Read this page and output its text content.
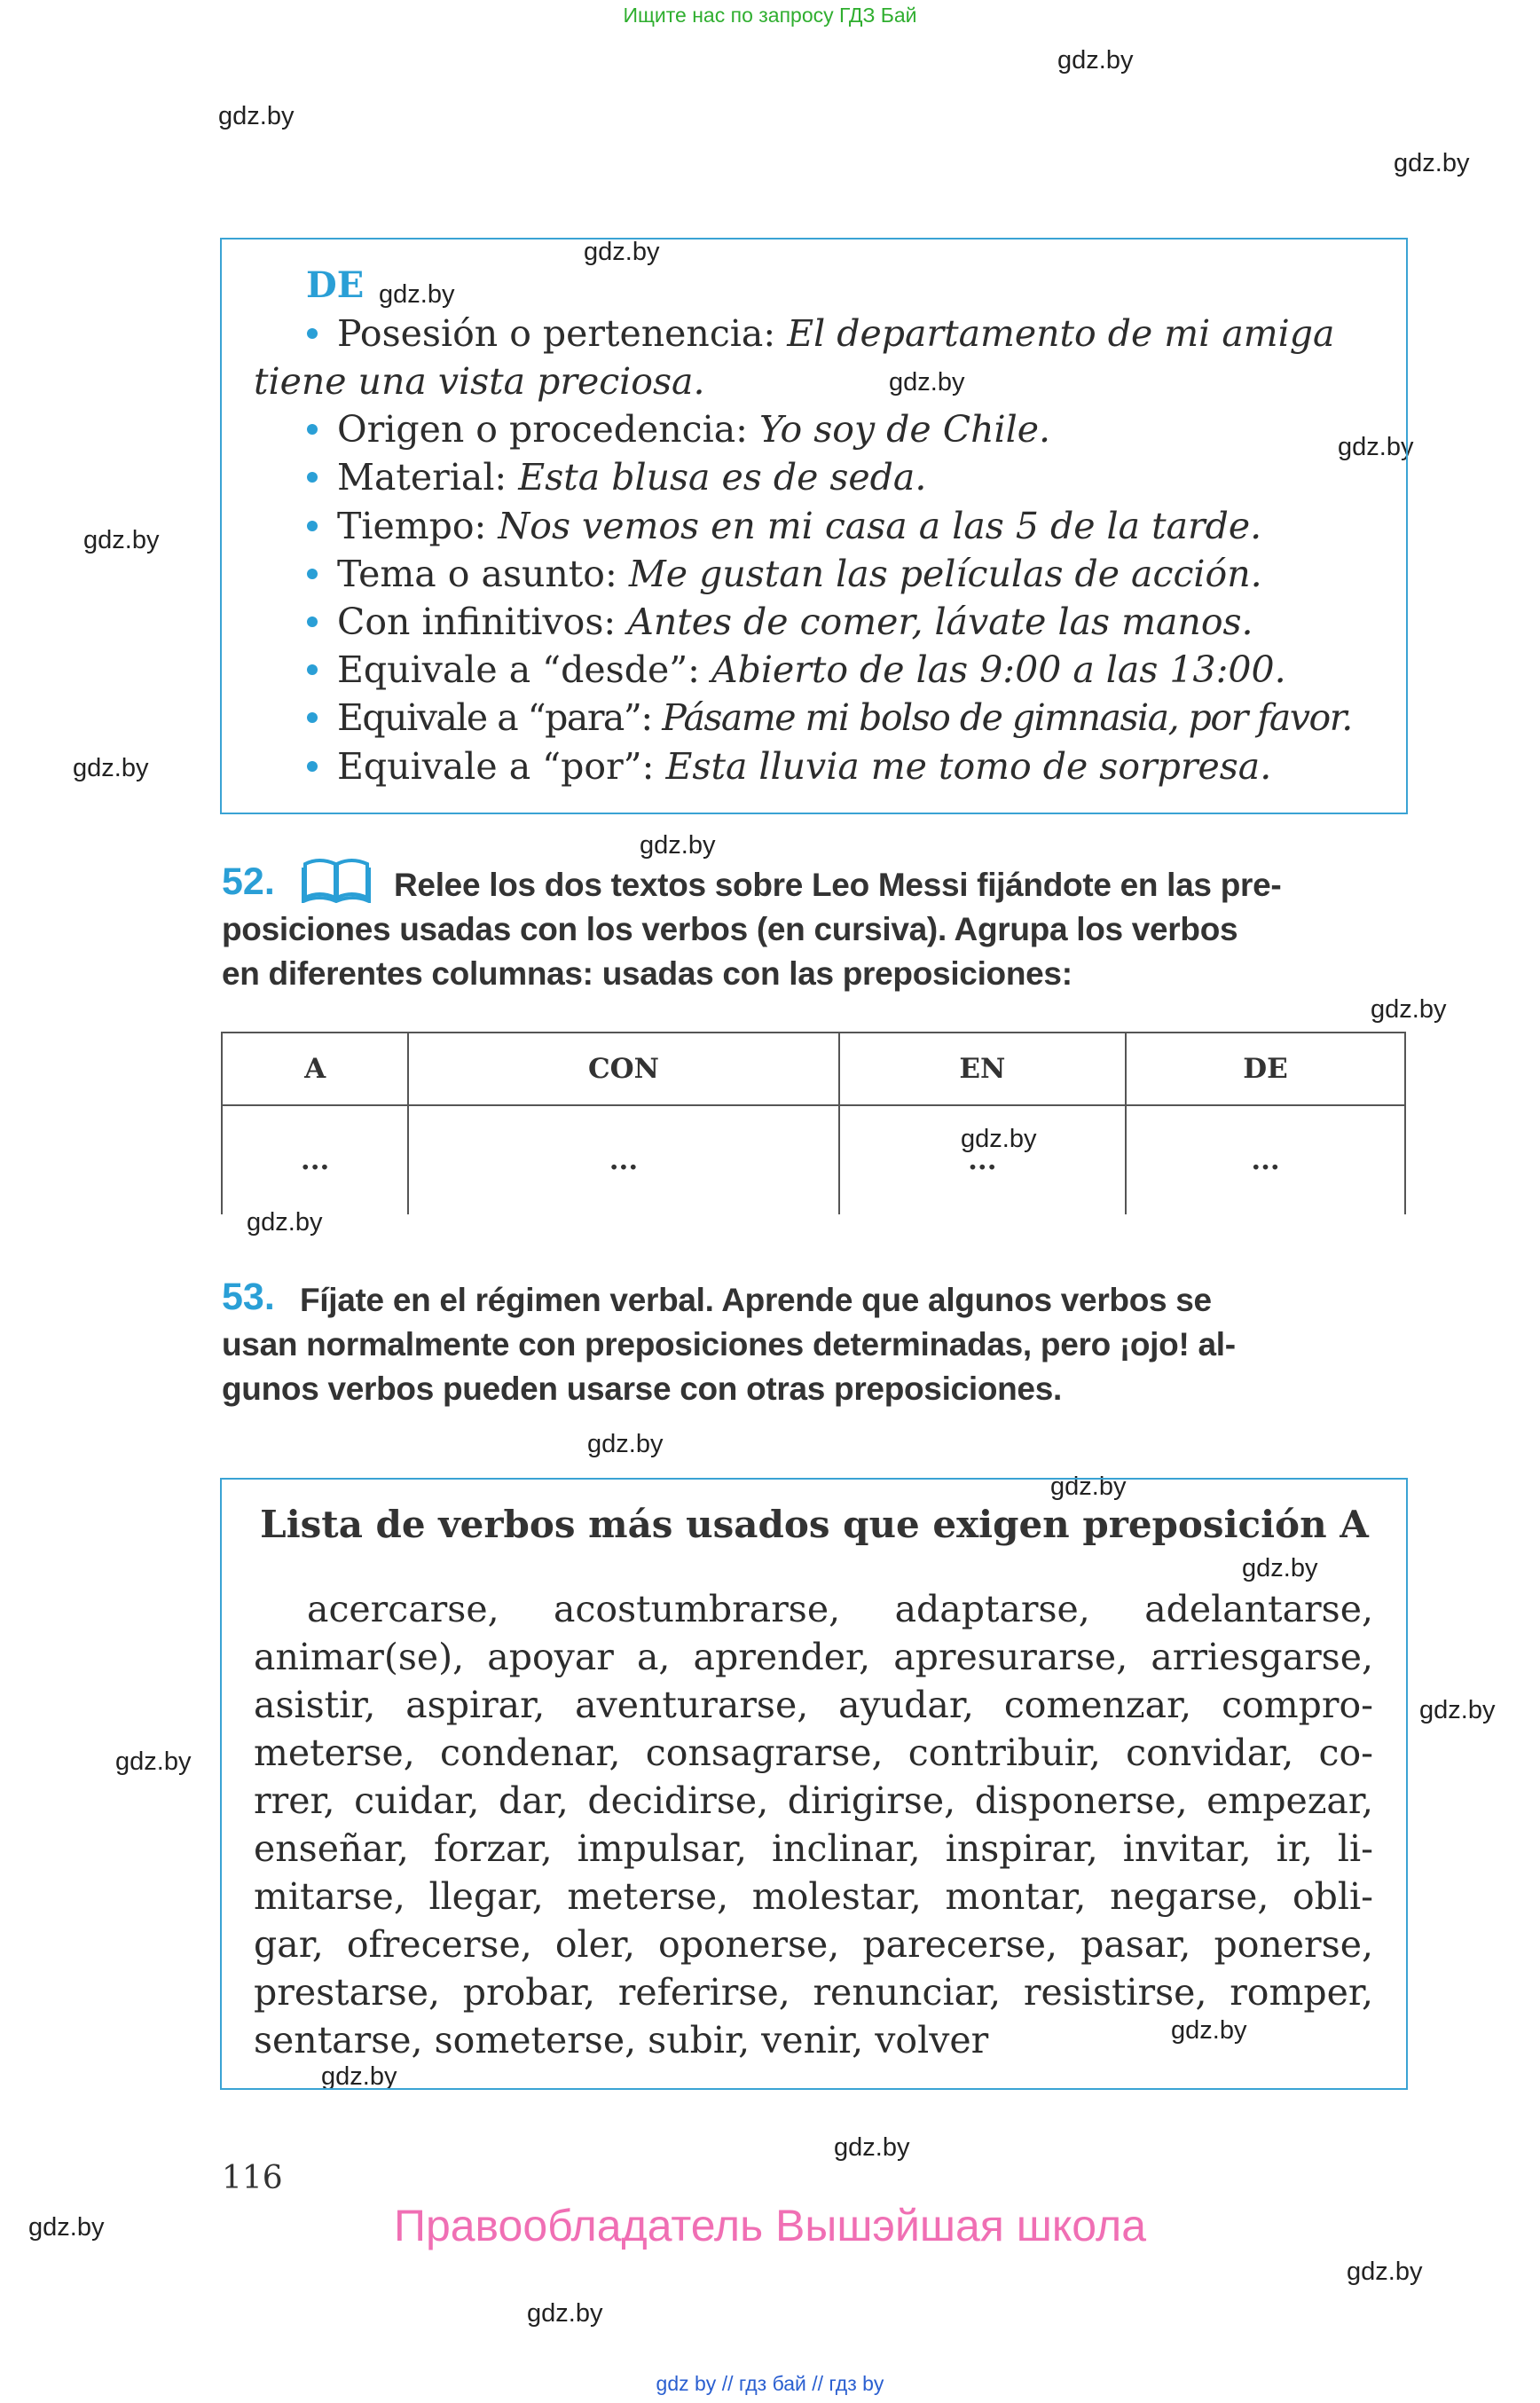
Ищите нас по запросу ГДЗ Бай
gdz.by
gdz.by
gdz.by
gdz.by
gdz.by
gdz.by
gdz.by
gdz.by
gdz.by
gdz.by
gdz.by
gdz.by
gdz.by
gdz.by
gdz.by
gdz.by
gdz.by
gdz.by
gdz.by
gdz.by
gdz.by
gdz.by
gdz.by
gdz.by
DE
Posesión o pertenencia: El departamento de mi amiga
tiene una vista preciosa.
Origen o procedencia: Yo soy de Chile.
Material: Esta blusa es de seda.
Tiempo: Nos vemos en mi casa a las 5 de la tarde.
Tema o asunto: Me gustan las películas de acción.
Con infinitivos: Antes de comer, lávate las manos.
Equivale a “desde”: Abierto de las 9:00 a las 13:00.
Equivale a “para”: Pásame mi bolso de gimnasia, por favor.
Equivale a “por”: Esta lluvia me tomo de sorpresa.
52.	Relee los dos textos sobre Leo Messi fijándote en las pre-
posiciones usadas con los verbos (en cursiva). Agrupa los verbos
en diferentes columnas: usadas con las preposiciones:
A	CON	EN	DE
...	...	...	...
53. Fíjate en el régimen verbal. Aprende que algunos verbos se
usan normalmente con preposiciones determinadas, pero ¡ojo! al-
gunos verbos pueden usarse con otras preposiciones.
Lista de verbos más usados que exigen preposición A
acercarse, acostumbrarse, adaptarse, adelantarse,
animar(se), apoyar a, aprender, apresurarse, arriesgarse,
asistir, aspirar, aventurarse, ayudar, comenzar, compro-
meterse, condenar, consagrarse, contribuir, convidar, co-
rrer, cuidar, dar, decidirse, dirigirse, disponerse, empezar,
enseñar, forzar, impulsar, inclinar, inspirar, invitar, ir, li-
mitarse, llegar, meterse, molestar, montar, negarse, obli-
gar, ofrecerse, oler, oponerse, parecerse, pasar, ponerse,
prestarse, probar, referirse, renunciar, resistirse, romper,
sentarse, someterse, subir, venir, volver
116
Правообладатель Вышэйшая школа
gdz by // гдз бай // гдз by
